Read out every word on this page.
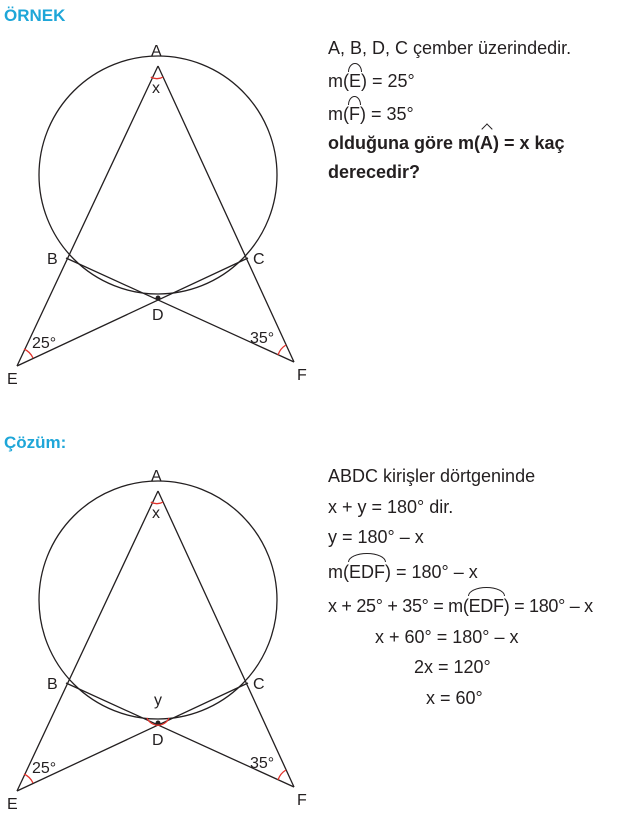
ÖRNEK
A
x
B	C
D
E	F
25°	35°
A, B, D, C çember üzerindedir.
m(E) = 25°
m(F) = 35°
olduğuna göre m(A) = x kaç
derecedir?
Çözüm:
A
x
y
B	C
D
E	F
25°	35°
ABDC kirişler dörtgeninde
x + y = 180° dir.
y = 180° – x
m(EDF) = 180° – x
x + 25° + 35° = m(EDF) = 180° – x
x + 60° = 180° – x
2x = 120°
x = 60°
